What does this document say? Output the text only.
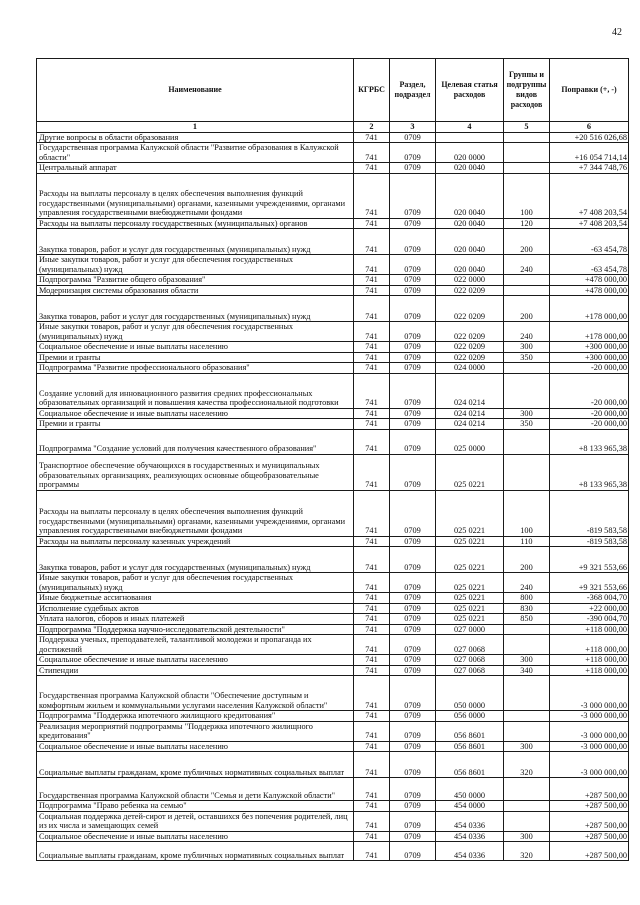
42
Наименование	КГРБС	Раздел, подраздел	Целевая статья расходов	Группы и подгруппы видов расходов	Поправки (+, -)
1	2	3	4	5	6
Другие вопросы в области образования	741	0709			+20 516 026,68
Государственная программа Калужской области "Развитие образования в Калужской области"	741	0709	020 0000		+16 054 714,14
Центральный аппарат	741	0709	020 0040		+7 344 748,76
Расходы на выплаты персоналу в целях обеспечения выполнения функций государственными (муниципальными) органами, казенными учреждениями, органами управления государственными внебюджетными фондами	741	0709	020 0040	100	+7 408 203,54
Расходы на выплаты персоналу государственных (муниципальных) органов	741	0709	020 0040	120	+7 408 203,54
Закупка товаров, работ и услуг для государственных (муниципальных) нужд	741	0709	020 0040	200	-63 454,78
Иные закупки товаров, работ и услуг для обеспечения государственных (муниципальных) нужд	741	0709	020 0040	240	-63 454,78
Подпрограмма "Развитие общего образования"	741	0709	022 0000		+478 000,00
Модернизация системы образования области	741	0709	022 0209		+478 000,00
Закупка товаров, работ и услуг для государственных (муниципальных) нужд	741	0709	022 0209	200	+178 000,00
Иные закупки товаров, работ и услуг для обеспечения государственных (муниципальных) нужд	741	0709	022 0209	240	+178 000,00
Социальное обеспечение и иные выплаты населению	741	0709	022 0209	300	+300 000,00
Премии и гранты	741	0709	022 0209	350	+300 000,00
Подпрограмма "Развитие профессионального образования"	741	0709	024 0000		-20 000,00
Создание условий для инновационного развития средних профессиональных образовательных организаций и повышения качества профессиональной подготовки	741	0709	024 0214		-20 000,00
Социальное обеспечение и иные выплаты населению	741	0709	024 0214	300	-20 000,00
Премии и гранты	741	0709	024 0214	350	-20 000,00
Подпрограмма "Создание условий для получения качественного образования"	741	0709	025 0000		+8 133 965,38
Транспортное обеспечение обучающихся в государственных и муниципальных образовательных организациях, реализующих основные общеобразовательные программы	741	0709	025 0221		+8 133 965,38
Расходы на выплаты персоналу в целях обеспечения выполнения функций государственными (муниципальными) органами, казенными учреждениями, органами управления государственными внебюджетными фондами	741	0709	025 0221	100	-819 583,58
Расходы на выплаты персоналу казенных учреждений	741	0709	025 0221	110	-819 583,58
Закупка товаров, работ и услуг для государственных (муниципальных) нужд	741	0709	025 0221	200	+9 321 553,66
Иные закупки товаров, работ и услуг для обеспечения государственных (муниципальных) нужд	741	0709	025 0221	240	+9 321 553,66
Иные бюджетные ассигнования	741	0709	025 0221	800	-368 004,70
Исполнение судебных актов	741	0709	025 0221	830	+22 000,00
Уплата налогов, сборов и иных платежей	741	0709	025 0221	850	-390 004,70
Подпрограмма "Поддержка научно-исследовательской деятельности"	741	0709	027 0000		+118 000,00
Поддержка ученых, преподавателей, талантливой молодежи и пропаганда их достижений	741	0709	027 0068		+118 000,00
Социальное обеспечение и иные выплаты населению	741	0709	027 0068	300	+118 000,00
Стипендии	741	0709	027 0068	340	+118 000,00
Государственная программа Калужской области "Обеспечение доступным и комфортным жильем и коммунальными услугами населения Калужской области"	741	0709	050 0000		-3 000 000,00
Подпрограмма "Поддержка ипотечного жилищного кредитования"	741	0709	056 0000		-3 000 000,00
Реализация мероприятий подпрограммы "Поддержка ипотечного жилищного кредитования"	741	0709	056 8601		-3 000 000,00
Социальное обеспечение и иные выплаты населению	741	0709	056 8601	300	-3 000 000,00
Социальные выплаты гражданам, кроме публичных нормативных социальных выплат	741	0709	056 8601	320	-3 000 000,00
Государственная программа Калужской области "Семья и дети Калужской области"	741	0709	450 0000		+287 500,00
Подпрограмма "Право ребенка на семью"	741	0709	454 0000		+287 500,00
Социальная поддержка детей-сирот и детей, оставшихся без попечения родителей, лиц из их числа и замещающих семей	741	0709	454 0336		+287 500,00
Социальное обеспечение и иные выплаты населению	741	0709	454 0336	300	+287 500,00
Социальные выплаты гражданам, кроме публичных нормативных социальных выплат	741	0709	454 0336	320	+287 500,00
